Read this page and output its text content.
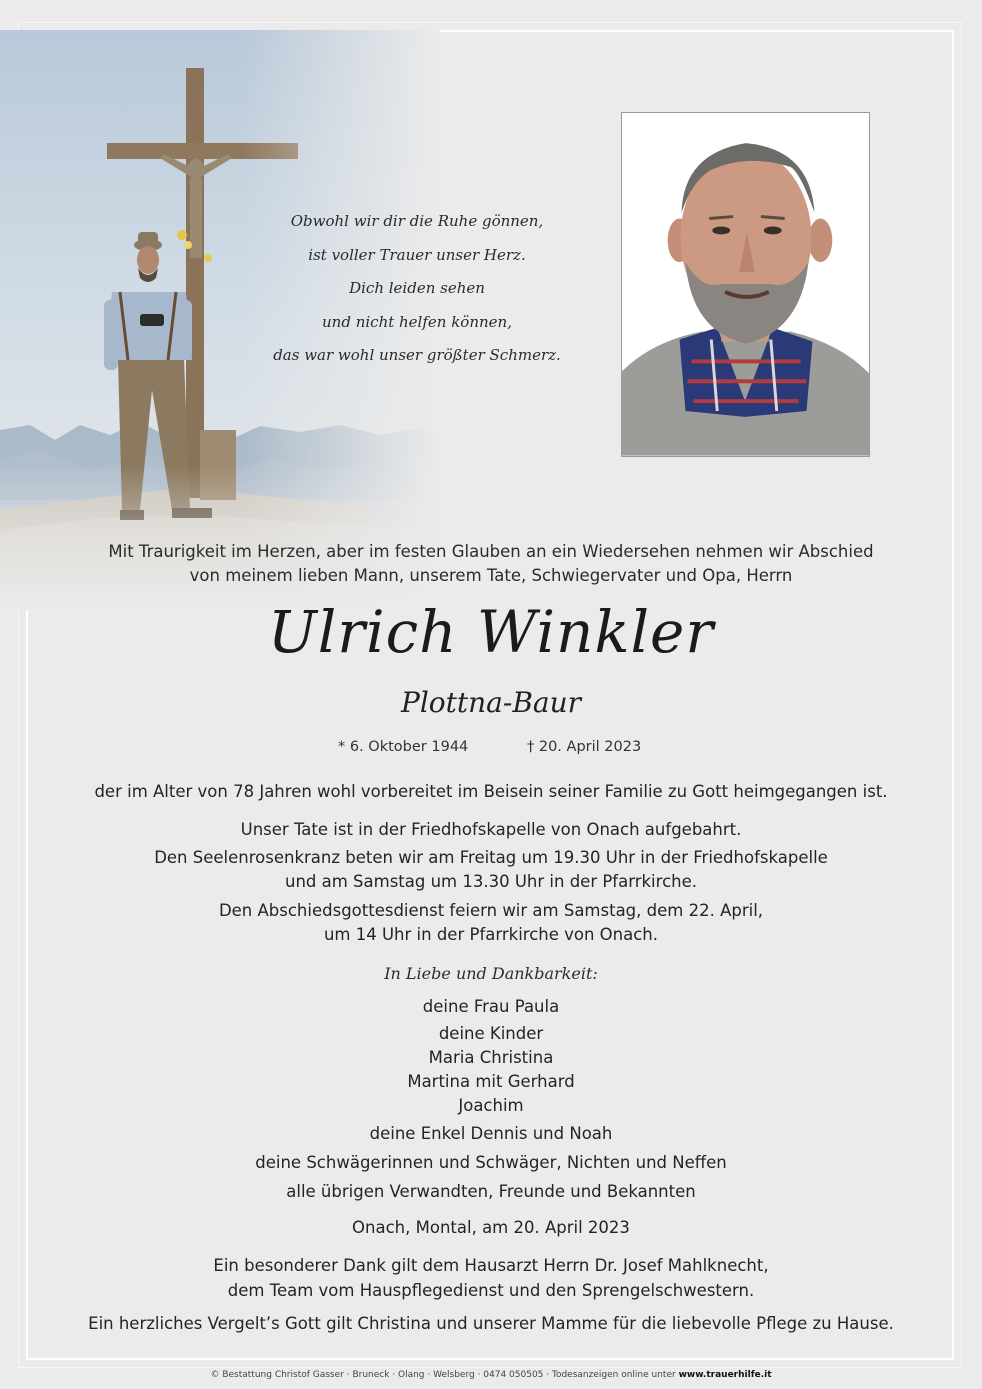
Obwohl wir dir die Ruhe gönnen,
ist voller Trauer unser Herz.
Dich leiden sehen
und nicht helfen können,
das war wohl unser größter Schmerz.
Mit Traurigkeit im Herzen, aber im festen Glauben an ein Wiedersehen nehmen wir Abschied
von meinem lieben Mann, unserem Tate, Schwiegervater und Opa, Herrn
Ulrich Winkler
Plottna-Baur
* 6. Oktober 1944	† 20. April 2023
der im Alter von 78 Jahren wohl vorbereitet im Beisein seiner Familie zu Gott heimgegangen ist.
Unser Tate ist in der Friedhofskapelle von Onach aufgebahrt.
Den Seelenrosenkranz beten wir am Freitag um 19.30 Uhr in der Friedhofskapelle
und am Samstag um 13.30 Uhr in der Pfarrkirche.
Den Abschiedsgottesdienst feiern wir am Samstag, dem 22. April,
um 14 Uhr in der Pfarrkirche von Onach.
In Liebe und Dankbarkeit:
deine Frau Paula
deine Kinder
Maria Christina
Martina mit Gerhard
Joachim
deine Enkel Dennis und Noah
deine Schwägerinnen und Schwäger, Nichten und Neffen
alle übrigen Verwandten, Freunde und Bekannten
Onach, Montal, am 20. April 2023
Ein besonderer Dank gilt dem Hausarzt Herrn Dr. Josef Mahlknecht,
dem Team vom Hauspflegedienst und den Sprengelschwestern.
Ein herzliches Vergelt’s Gott gilt Christina und unserer Mamme für die liebevolle Pflege zu Hause.
© Bestattung Christof Gasser · Bruneck · Olang · Welsberg · 0474 050505 · Todesanzeigen online unter www.trauerhilfe.it
